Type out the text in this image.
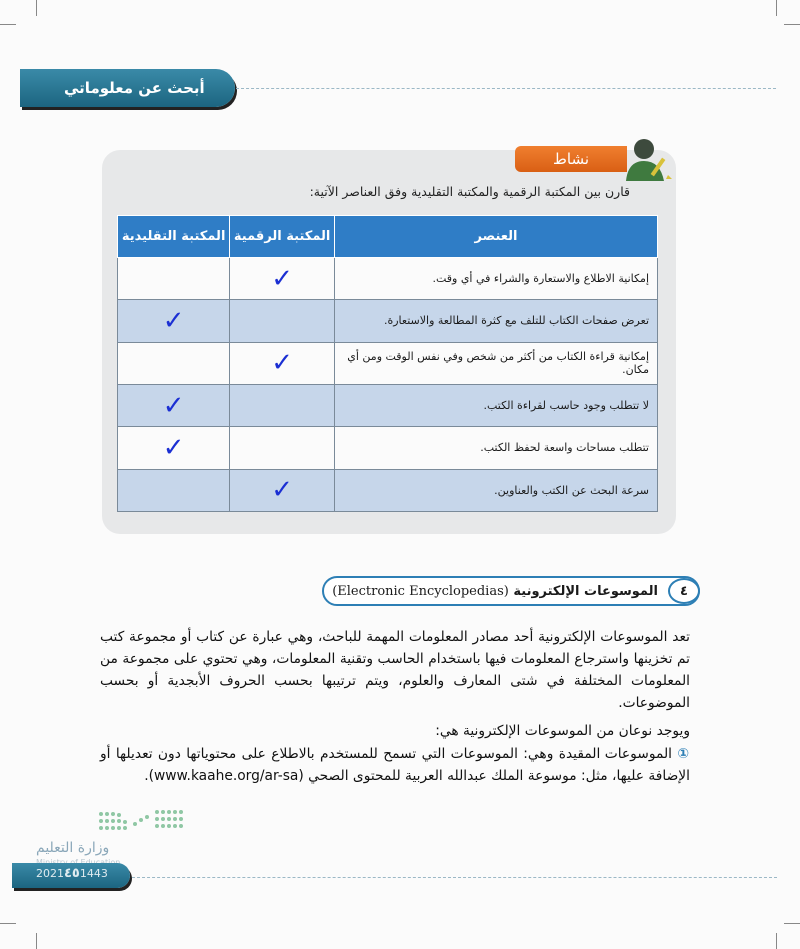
أبحث عن معلوماتي
نشاط
قارن بين المكتبة الرقمية والمكتبة التقليدية وفق العناصر الآتية:
العنصر	المكتبة الرقمية	المكتبة التقليدية
إمكانية الاطلاع والاستعارة والشراء في أي وقت.	✓	
تعرض صفحات الكتاب للتلف مع كثرة المطالعة والاستعارة.		✓
إمكانية قراءة الكتاب من أكثر من شخص وفي نفس الوقت ومن أي مكان.	✓	
لا تتطلب وجود حاسب لقراءة الكتب.		✓
تتطلب مساحات واسعة لحفظ الكتب.		✓
سرعة البحث عن الكتب والعناوين.	✓	
الموسوعات الإلكترونية

(Electronic Encyclopedias)	٤

تعد الموسوعات الإلكترونية أحد مصادر المعلومات المهمة للباحث، وهي عبارة عن كتاب أو مجموعة كتب تم تخزينها واسترجاع المعلومات فيها باستخدام الحاسب وتقنية المعلومات، وهي تحتوي على مجموعة من المعلومات المختلفة في شتى المعارف والعلوم، ويتم ترتيبها بحسب الحروف الأبجدية أو بحسب الموضوعات.

ويوجد نوعان من الموسوعات الإلكترونية هي:

① الموسوعات المقيدة وهي: الموسوعات التي تسمح للمستخدم بالاطلاع على محتوياتها دون تعديلها أو الإضافة عليها، مثل: موسوعة الملك عبدالله العربية للمحتوى الصحي (www.kaahe.org/ar-sa).

وزارة التعليم
2021٤٥1443
